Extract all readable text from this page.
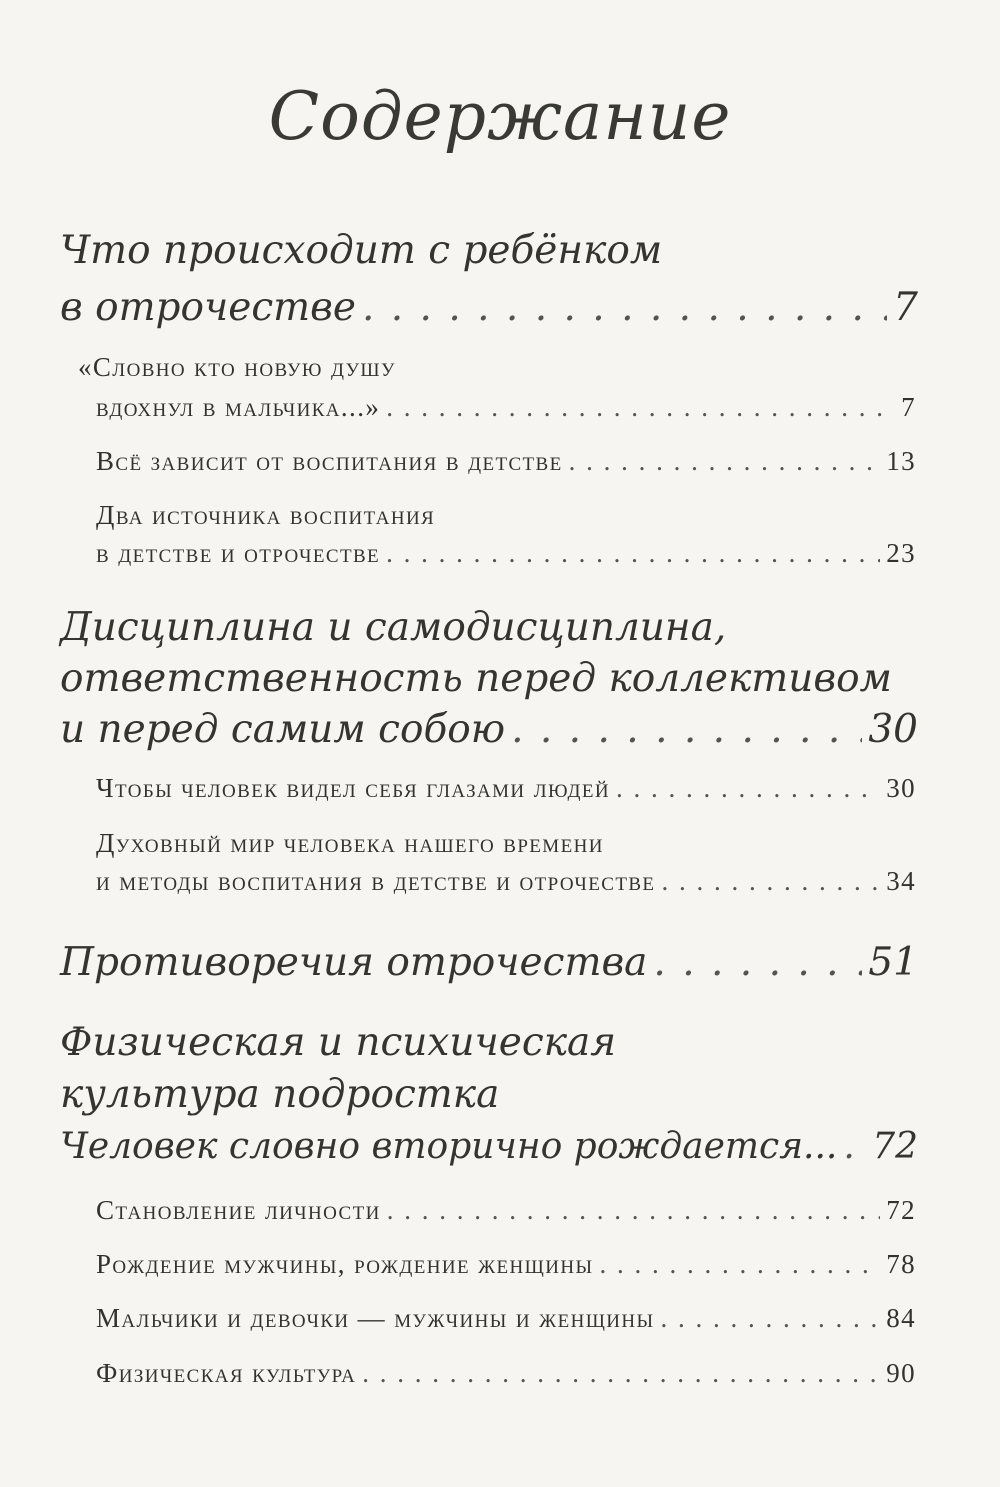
Содержание
Что происходит с ребёнком
в отрочестве . . .	7
«Словно кто новую душу
вдохнул в мальчика...» . . .	7
Всё зависит от воспитания в детстве . . .	13
Два источника воспитания
в детстве и отрочестве . . .	23
Дисциплина и самодисциплина,
ответственность перед коллективом
и перед самим собою . . .	30
Чтобы человек видел себя глазами людей . . .	30
Духовный мир человека нашего времени
и методы воспитания в детстве и отрочестве . . .	34
Противоречия отрочества . . .	51
Физическая и психическая
культура подростка
Человек словно вторично рождается... . . . 72
Становление личности . . .	72
Рождение мужчины, рождение женщины . . .	78
Мальчики и девочки — мужчины и женщины . . .	84
Физическая культура . . .	90
